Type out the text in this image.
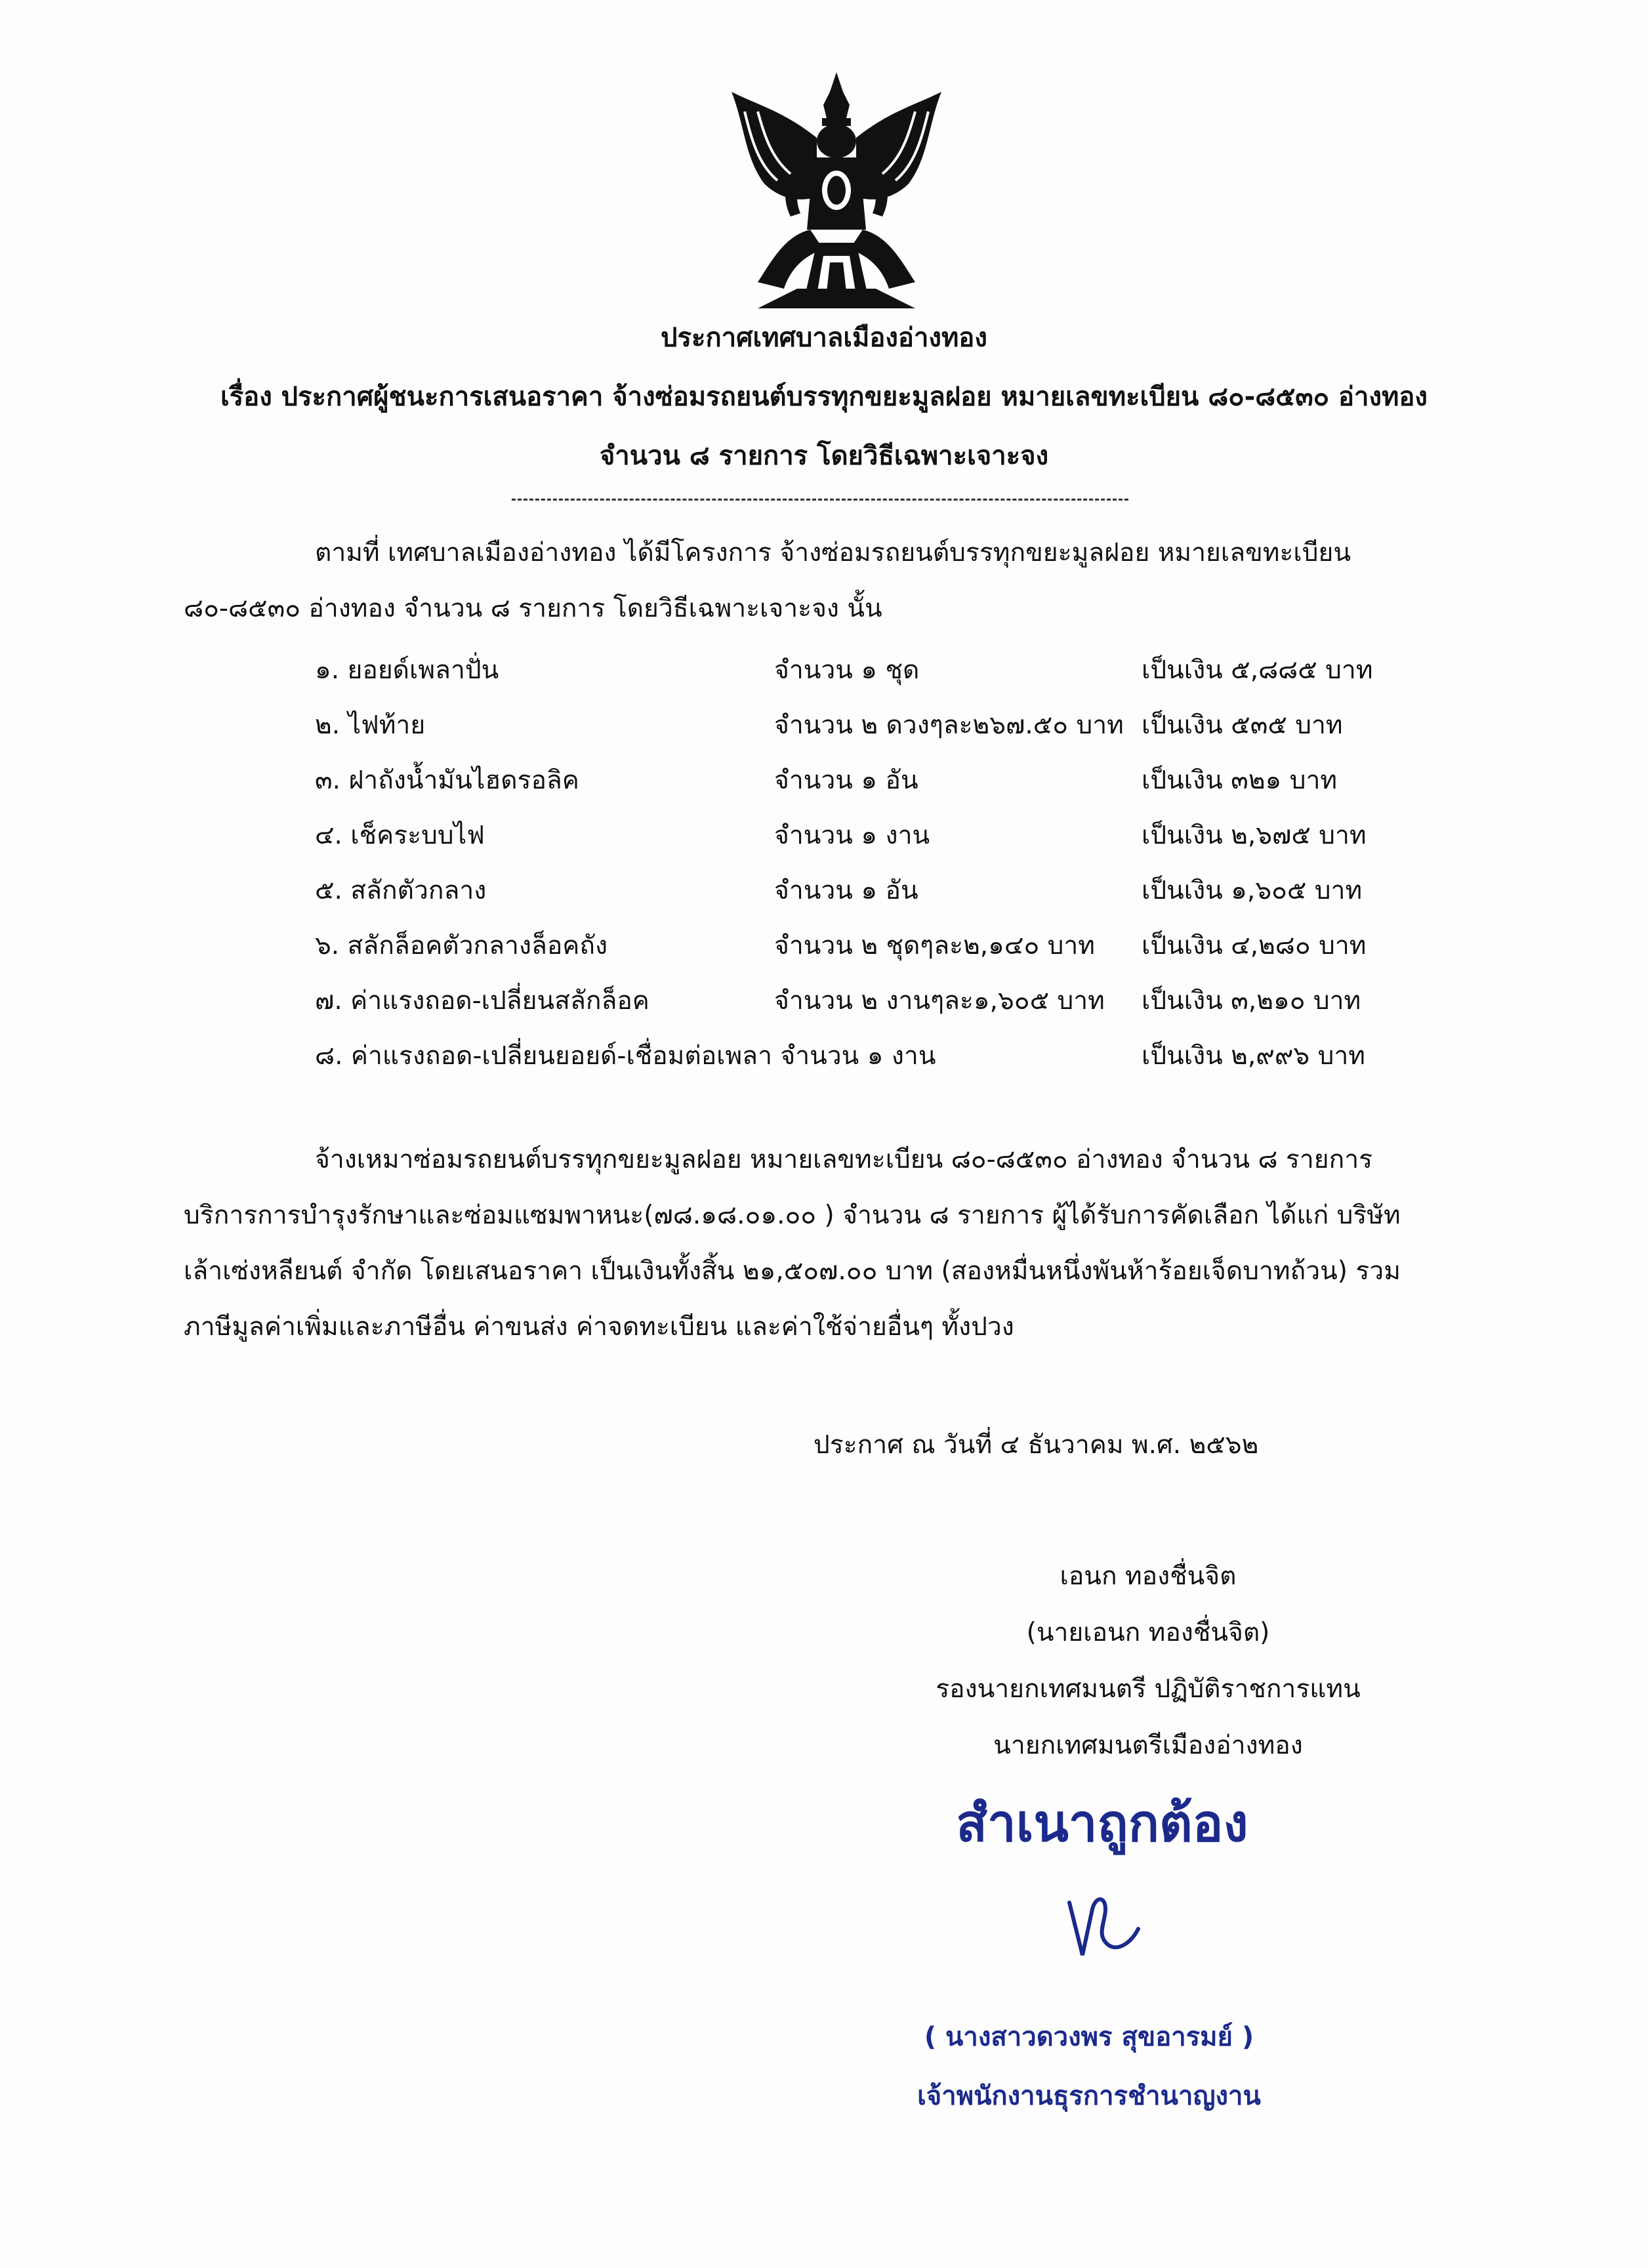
ประกาศเทศบาลเมืองอ่างทอง
เรื่อง ประกาศผู้ชนะการเสนอราคา จ้างซ่อมรถยนต์บรรทุกขยะมูลฝอย หมายเลขทะเบียน ๘๐-๘๕๓๐ อ่างทอง
จำนวน ๘ รายการ โดยวิธีเฉพาะเจาะจง
ตามที่ เทศบาลเมืองอ่างทอง ได้มีโครงการ จ้างซ่อมรถยนต์บรรทุกขยะมูลฝอย หมายเลขทะเบียน
๘๐-๘๕๓๐ อ่างทอง จำนวน ๘ รายการ โดยวิธีเฉพาะเจาะจง นั้น
๑. ยอยด์เพลาปั่น	จำนวน ๑ ชุด	เป็นเงิน ๕,๘๘๕ บาท
๒. ไฟท้าย	จำนวน ๒ ดวงๆละ๒๖๗.๕๐ บาท เป็นเงิน ๕๓๕ บาท
๓. ฝาถังน้ำมันไฮดรอลิค	จำนวน ๑ อัน	เป็นเงิน ๓๒๑ บาท
๔. เช็คระบบไฟ	จำนวน ๑ งาน	เป็นเงิน ๒,๖๗๕ บาท
๕. สลักตัวกลาง	จำนวน ๑ อัน	เป็นเงิน ๑,๖๐๕ บาท
๖. สลักล็อคตัวกลางล็อคถัง	จำนวน ๒ ชุดๆละ๒,๑๔๐ บาท เป็นเงิน ๔,๒๘๐ บาท
๗. ค่าแรงถอด-เปลี่ยนสลักล็อค	จำนวน ๒ งานๆละ๑,๖๐๕ บาท เป็นเงิน ๓,๒๑๐ บาท
๘. ค่าแรงถอด-เปลี่ยนยอยด์-เชื่อมต่อเพลา จำนวน ๑ งาน	เป็นเงิน ๒,๙๙๖ บาท
จ้างเหมาซ่อมรถยนต์บรรทุกขยะมูลฝอย หมายเลขทะเบียน ๘๐-๘๕๓๐ อ่างทอง จำนวน ๘ รายการ
บริการการบำรุงรักษาและซ่อมแซมพาหนะ(๗๘.๑๘.๐๑.๐๐ ) จำนวน ๘ รายการ ผู้ได้รับการคัดเลือก ได้แก่ บริษัท
เล้าเซ่งหลียนต์ จำกัด โดยเสนอราคา เป็นเงินทั้งสิ้น ๒๑,๕๐๗.๐๐ บาท (สองหมื่นหนึ่งพันห้าร้อยเจ็ดบาทถ้วน) รวม
ภาษีมูลค่าเพิ่มและภาษีอื่น ค่าขนส่ง ค่าจดทะเบียน และค่าใช้จ่ายอื่นๆ ทั้งปวง
ประกาศ ณ วันที่ ๔ ธันวาคม พ.ศ. ๒๕๖๒
เอนก ทองชื่นจิต
(นายเอนก ทองชื่นจิต)
รองนายกเทศมนตรี ปฏิบัติราชการแทน
นายกเทศมนตรีเมืองอ่างทอง
สำเนาถูกต้อง
( นางสาวดวงพร สุขอารมย์ )
เจ้าพนักงานธุรการชำนาญงาน
